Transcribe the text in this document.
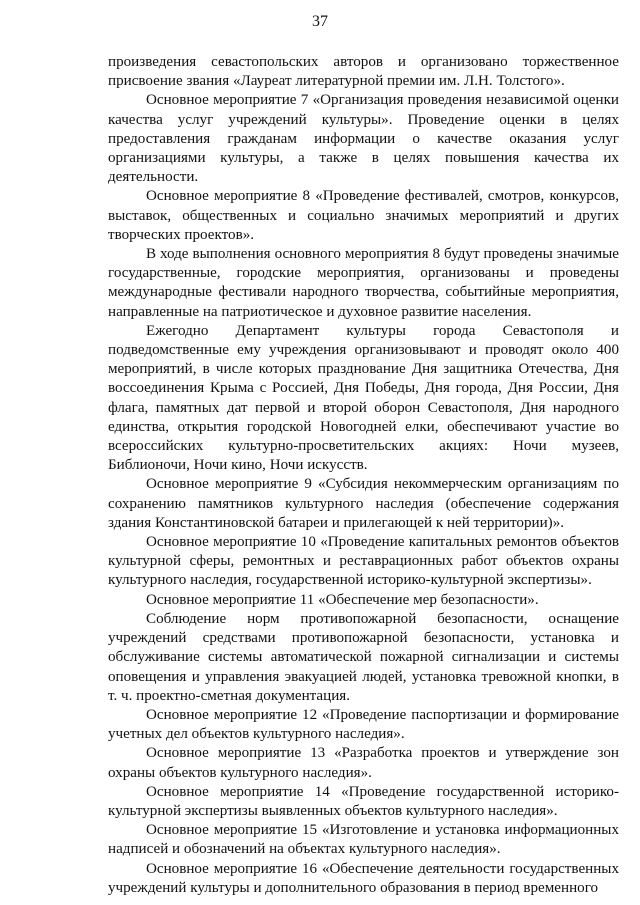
37

произведения севастопольских авторов и организовано торжественное присвоение звания «Лауреат литературной премии им. Л.Н. Толстого».

Основное мероприятие 7 «Организация проведения независимой оценки качества услуг учреждений культуры». Проведение оценки в целях предоставления гражданам информации о качестве оказания услуг организациями культуры, а также в целях повышения качества их деятельности.

Основное мероприятие 8 «Проведение фестивалей, смотров, конкурсов, выставок, общественных и социально значимых мероприятий и других творческих проектов».

В ходе выполнения основного мероприятия 8 будут проведены значимые государственные, городские мероприятия, организованы и проведены международные фестивали народного творчества, событийные мероприятия, направленные на патриотическое и духовное развитие населения.

Ежегодно Департамент культуры города Севастополя и подведомственные ему учреждения организовывают и проводят около 400 мероприятий, в числе которых празднование Дня защитника Отечества, Дня воссоединения Крыма с Россией, Дня Победы, Дня города, Дня России, Дня флага, памятных дат первой и второй оборон Севастополя, Дня народного единства, открытия городской Новогодней елки, обеспечивают участие во всероссийских культурно-просветительских акциях: Ночи музеев, Библионочи, Ночи кино, Ночи искусств.

Основное мероприятие 9 «Субсидия некоммерческим организациям по сохранению памятников культурного наследия (обеспечение содержания здания Константиновской батареи и прилегающей к ней территории)».

Основное мероприятие 10 «Проведение капитальных ремонтов объектов культурной сферы, ремонтных и реставрационных работ объектов охраны культурного наследия, государственной историко-культурной экспертизы».

Основное мероприятие 11 «Обеспечение мер безопасности».

Соблюдение норм противопожарной безопасности, оснащение учреждений средствами противопожарной безопасности, установка и обслуживание системы автоматической пожарной сигнализации и системы оповещения и управления эвакуацией людей, установка тревожной кнопки, в т. ч. проектно-сметная документация.

Основное мероприятие 12 «Проведение паспортизации и формирование учетных дел объектов культурного наследия».

Основное мероприятие 13 «Разработка проектов и утверждение зон охраны объектов культурного наследия».

Основное мероприятие 14 «Проведение государственной историко-культурной экспертизы выявленных объектов культурного наследия».

Основное мероприятие 15 «Изготовление и установка информационных надписей и обозначений на объектах культурного наследия».

Основное мероприятие 16 «Обеспечение деятельности государственных учреждений культуры и дополнительного образования в период временного
